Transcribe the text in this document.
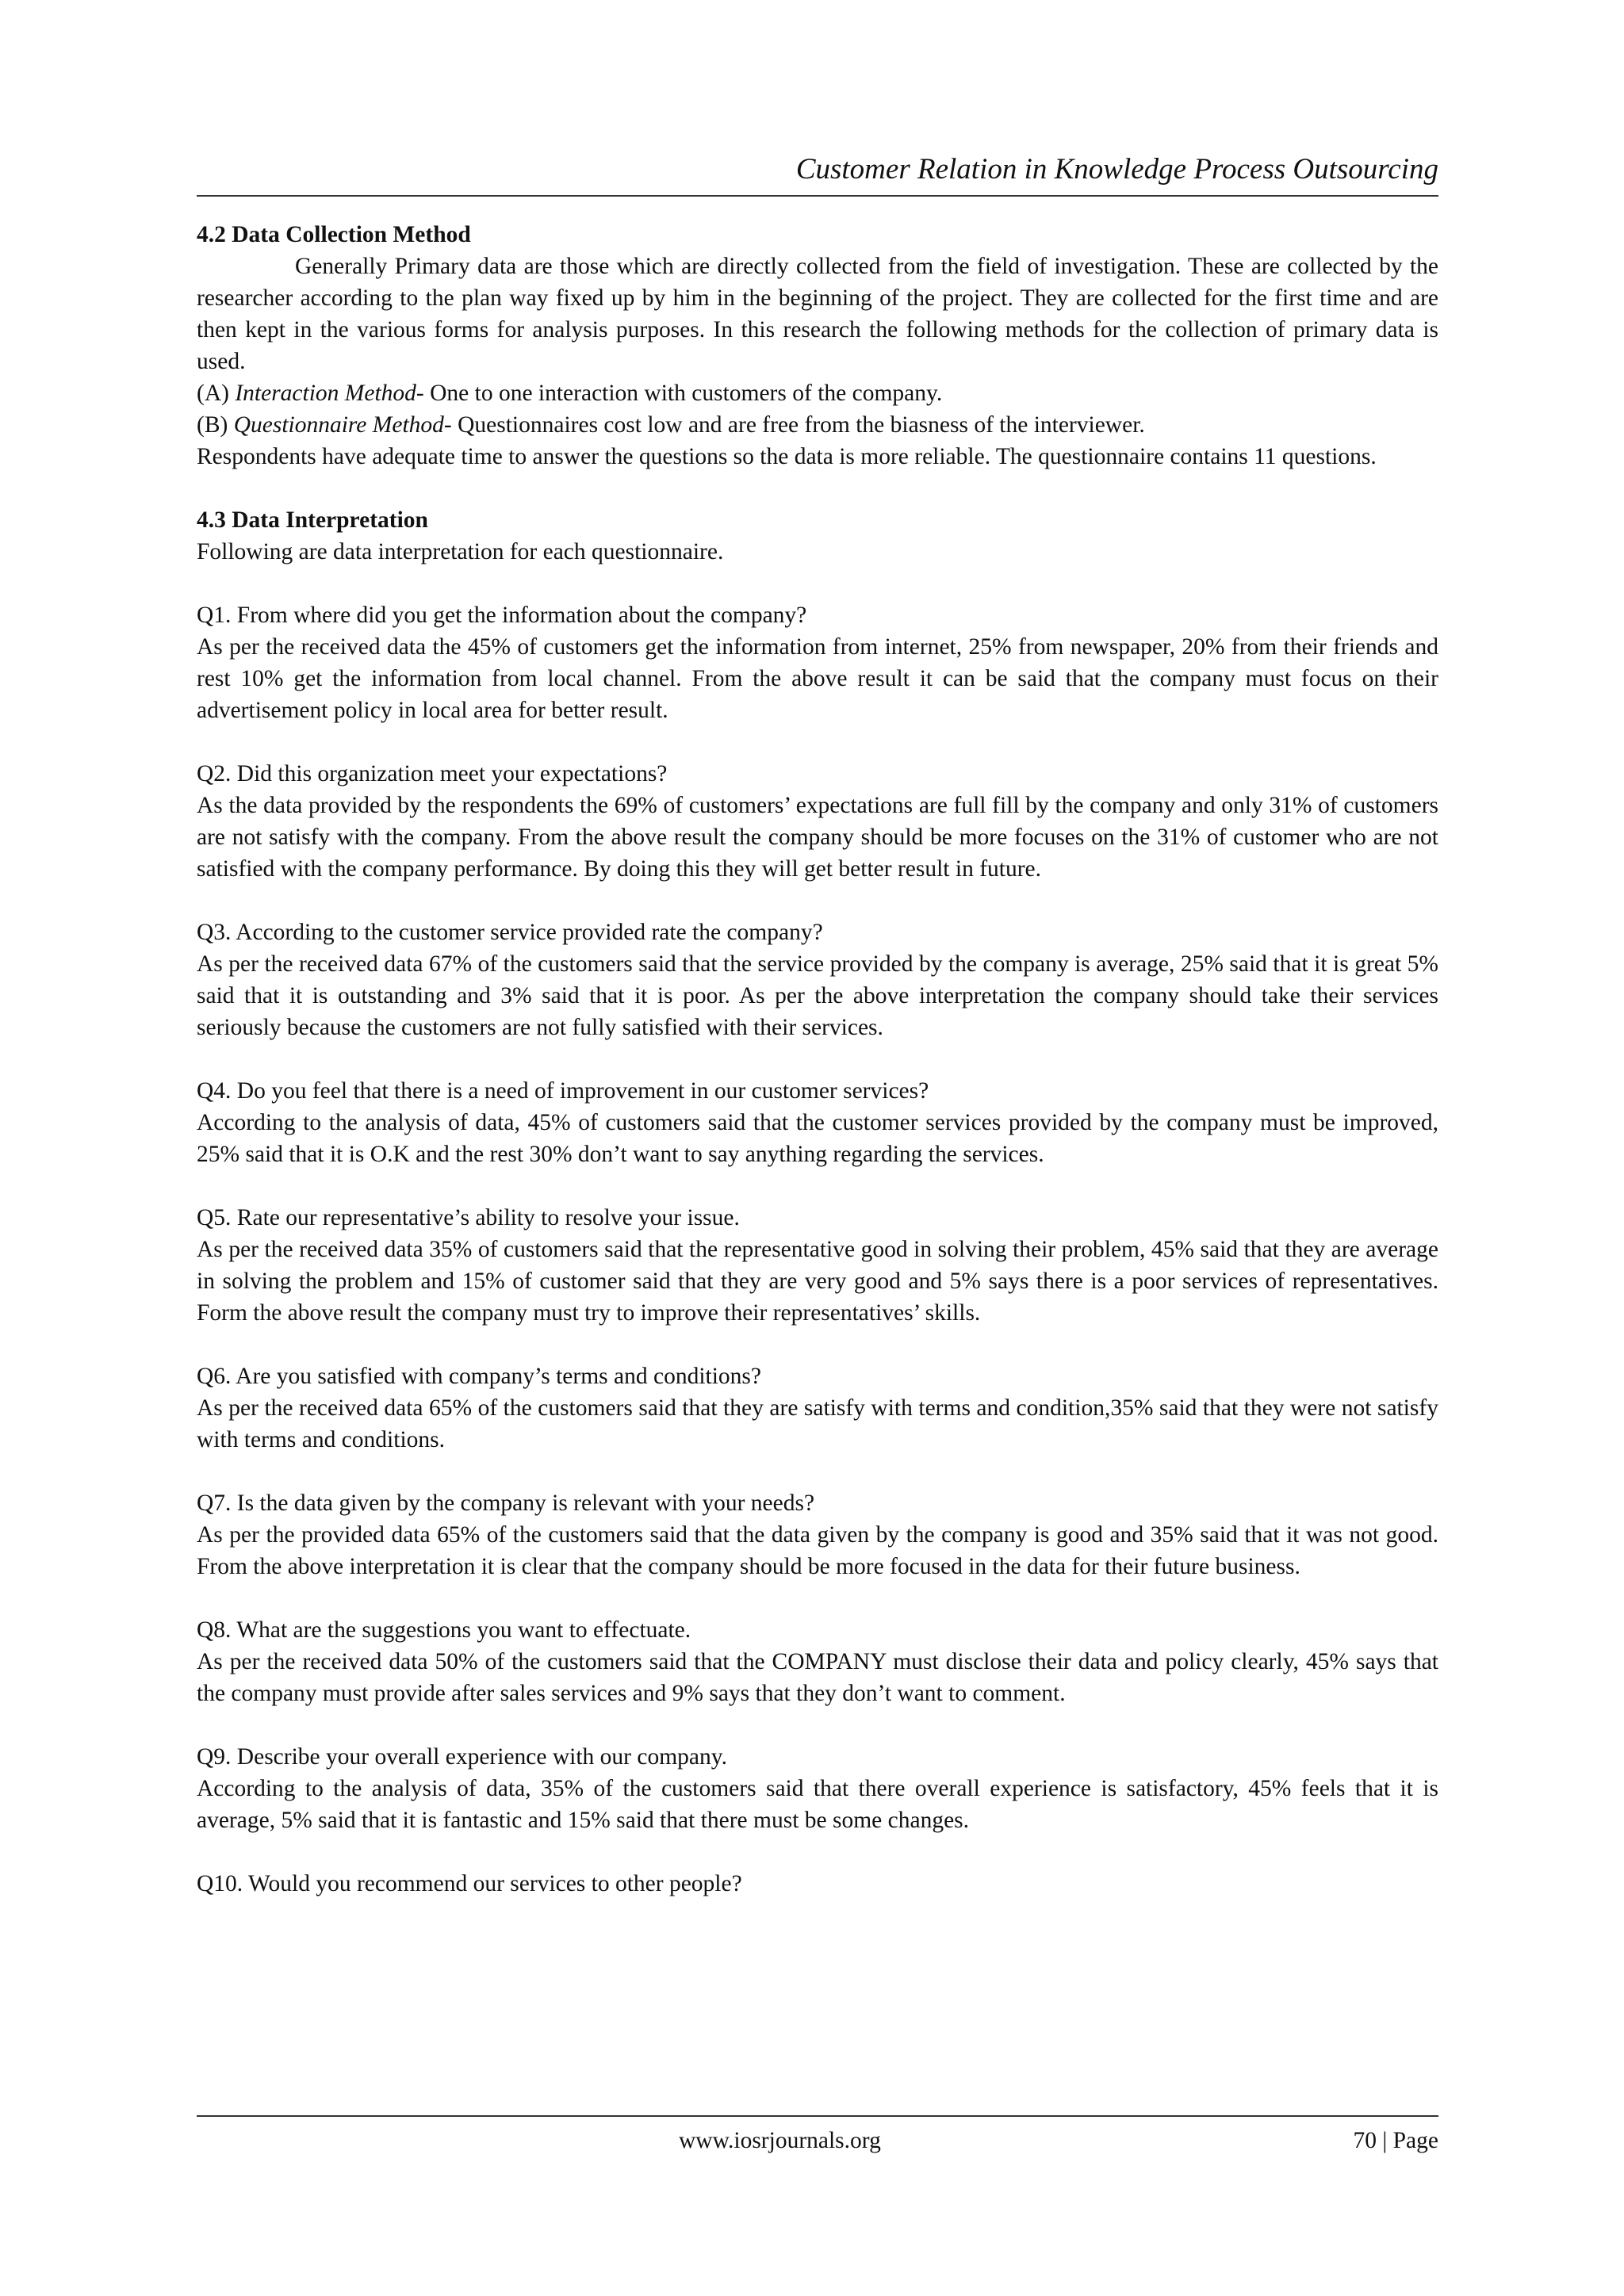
Customer Relation in Knowledge Process Outsourcing

4.2 Data Collection Method

Generally Primary data are those which are directly collected from the field of investigation. These are collected by the researcher according to the plan way fixed up by him in the beginning of the project. They are collected for the first time and are then kept in the various forms for analysis purposes. In this research the following methods for the collection of primary data is used.

(A) Interaction Method- One to one interaction with customers of the company.

(B) Questionnaire Method- Questionnaires cost low and are free from the biasness of the interviewer.

Respondents have adequate time to answer the questions so the data is more reliable. The questionnaire contains 11 questions.

4.3 Data Interpretation

Following are data interpretation for each questionnaire.

Q1. From where did you get the information about the company?

As per the received data the 45% of customers get the information from internet, 25% from newspaper, 20% from their friends and rest 10% get the information from local channel. From the above result it can be said that the company must focus on their advertisement policy in local area for better result.

Q2. Did this organization meet your expectations?

As the data provided by the respondents the 69% of customers’ expectations are full fill by the company and only 31% of customers are not satisfy with the company. From the above result the company should be more focuses on the 31% of customer who are not satisfied with the company performance. By doing this they will get better result in future.

Q3. According to the customer service provided rate the company?

As per the received data 67% of the customers said that the service provided by the company is average, 25% said that it is great 5% said that it is outstanding and 3% said that it is poor. As per the above interpretation the company should take their services seriously because the customers are not fully satisfied with their services.

Q4. Do you feel that there is a need of improvement in our customer services?

According to the analysis of data, 45% of customers said that the customer services provided by the company must be improved, 25% said that it is O.K and the rest 30% don’t want to say anything regarding the services.

Q5. Rate our representative’s ability to resolve your issue.

As per the received data 35% of customers said that the representative good in solving their problem, 45% said that they are average in solving the problem and 15% of customer said that they are very good and 5% says there is a poor services of representatives. Form the above result the company must try to improve their representatives’ skills.

Q6. Are you satisfied with company’s terms and conditions?

As per the received data 65% of the customers said that they are satisfy with terms and condition,35% said that they were not satisfy with terms and conditions.

Q7. Is the data given by the company is relevant with your needs?

As per the provided data 65% of the customers said that the data given by the company is good and 35% said that it was not good. From the above interpretation it is clear that the company should be more focused in the data for their future business.

Q8. What are the suggestions you want to effectuate.

As per the received data 50% of the customers said that the COMPANY must disclose their data and policy clearly, 45% says that the company must provide after sales services and 9% says that they don’t want to comment.

Q9. Describe your overall experience with our company.

According to the analysis of data, 35% of the customers said that there overall experience is satisfactory, 45% feels that it is average, 5% said that it is fantastic and 15% said that there must be some changes.

Q10. Would you recommend our services to other people?

www.iosrjournals.org	70 | Page
